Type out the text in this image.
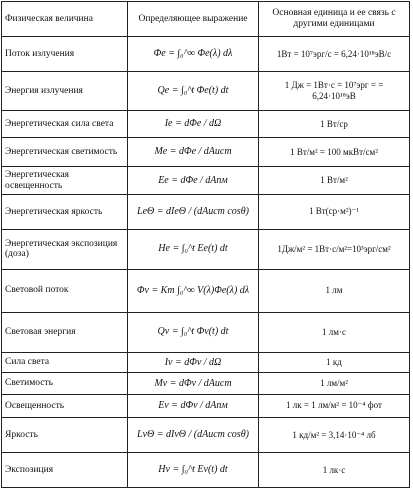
Физическая величина	Определяющее выражение	Основная единица и ее связь с другими единицами
Поток излучения	Φe = ∫₀^∞ Φe(λ) dλ	1Вт = 10⁷эрг/с = 6,24·10¹⁸эВ/с
Энергия излучения	Qe = ∫₀^t Φe(t) dt	1 Дж = 1Вт·с = 10⁷эрг = = 6,24·10¹⁸эВ
Энергетическая сила света	Ie = dΦe / dΩ	1 Вт/ср
Энергетическая светимость	Me = dΦe / dAист	1 Вт/м² = 100 мкВт/см²
Энергетическая освещенность	Ee = dΦe / dAпм	1 Вт/м²
Энергетическая яркость	LeΘ = dIeΘ / (dAист cosθ)	1 Вт(ср·м²)⁻¹
Энергетическая экспозиция (доза)	He = ∫₀^t Ee(t) dt	1Дж/м² = 1Вт·с/м²=10³эрг/см²
Световой поток	Φv = Km ∫₀^∞ V(λ)Φe(λ) dλ	1 лм
Световая энергия	Qv = ∫₀^t Φv(t) dt	1 лм·с
Сила света	Iv = dΦv / dΩ	1 кд
Светимость	Mv = dΦv / dAист	1 лм/м²
Освещенность	Ev = dΦv / dAпм	1 лк = 1 лм/м² = 10⁻⁴ фот
Яркость	LvΘ = dIvΘ / (dAист cosθ)	1 кд/м² = 3,14·10⁻⁴ лб
Экспозиция	Hv = ∫₀^t Ev(t) dt	1 лк·с
